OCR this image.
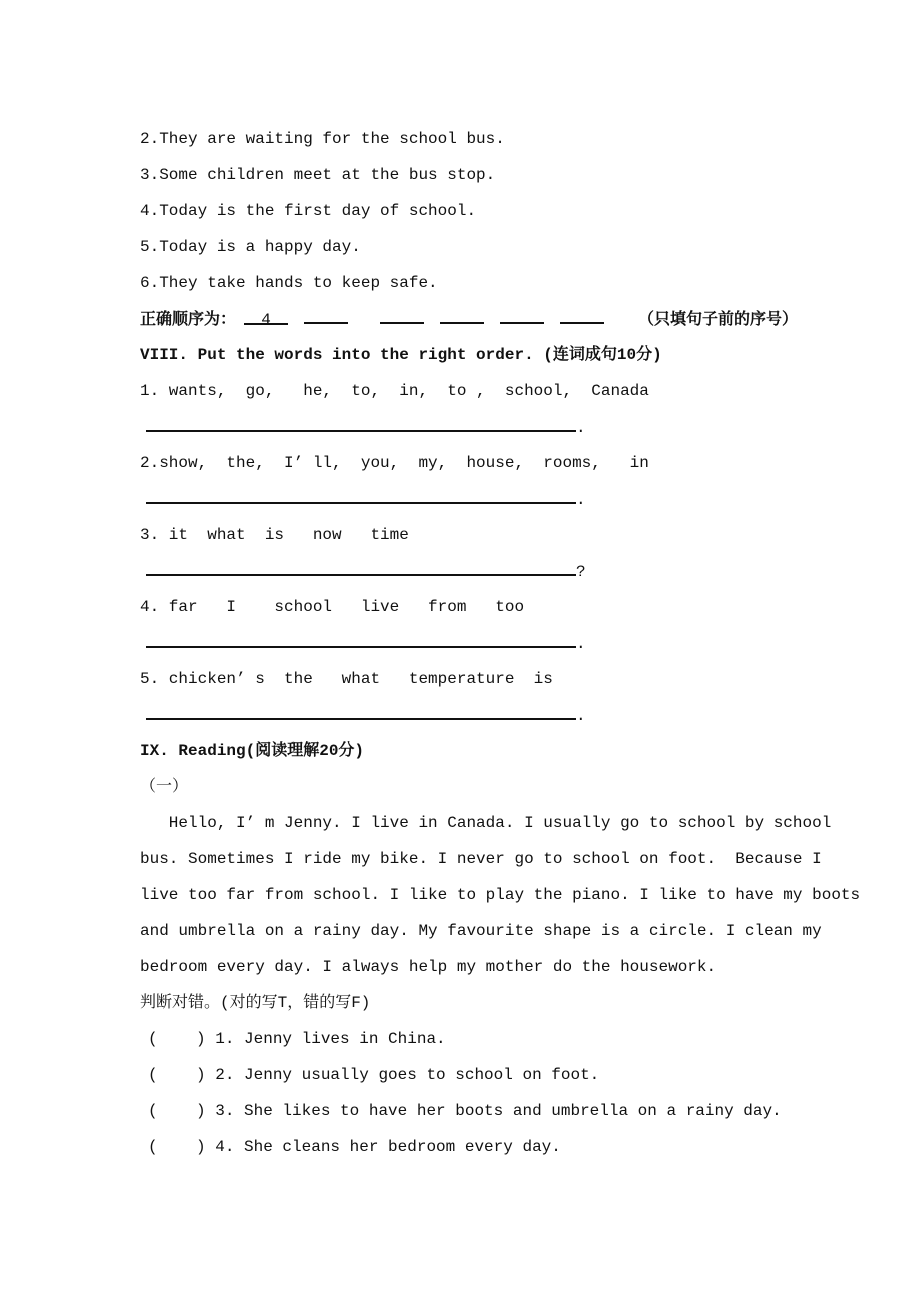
2.They are waiting for the school bus.
3.Some children meet at the bus stop.
4.Today is the first day of school.
5.Today is a happy day.
6.They take hands to keep safe.
正确顺序为： 4	（只填句子前的序号）
VIII. Put the words into the right order. (连词成句10分)
1. wants,  go,   he,  to,  in,  to ,  school,  Canada
.
2.show,  the,  I’ ll,  you,  my,  house,  rooms,   in
.
3. it  what  is   now   time
?
4. far   I    school   live   from   too
.
5. chicken’ s  the   what   temperature  is
.
IX. Reading(阅读理解20分)
（一）
Hello, I’ m Jenny. I live in Canada. I usually go to school by school
bus. Sometimes I ride my bike. I never go to school on foot.  Because I
live too far from school. I like to play the piano. I like to have my boots
and umbrella on a rainy day. My favourite shape is a circle. I clean my
bedroom every day. I always help my mother do the housework.
判断对错。(对的写T，错的写F)
(    ) 1. Jenny lives in China.
(    ) 2. Jenny usually goes to school on foot.
(    ) 3. She likes to have her boots and umbrella on a rainy day.
(    ) 4. She cleans her bedroom every day.
